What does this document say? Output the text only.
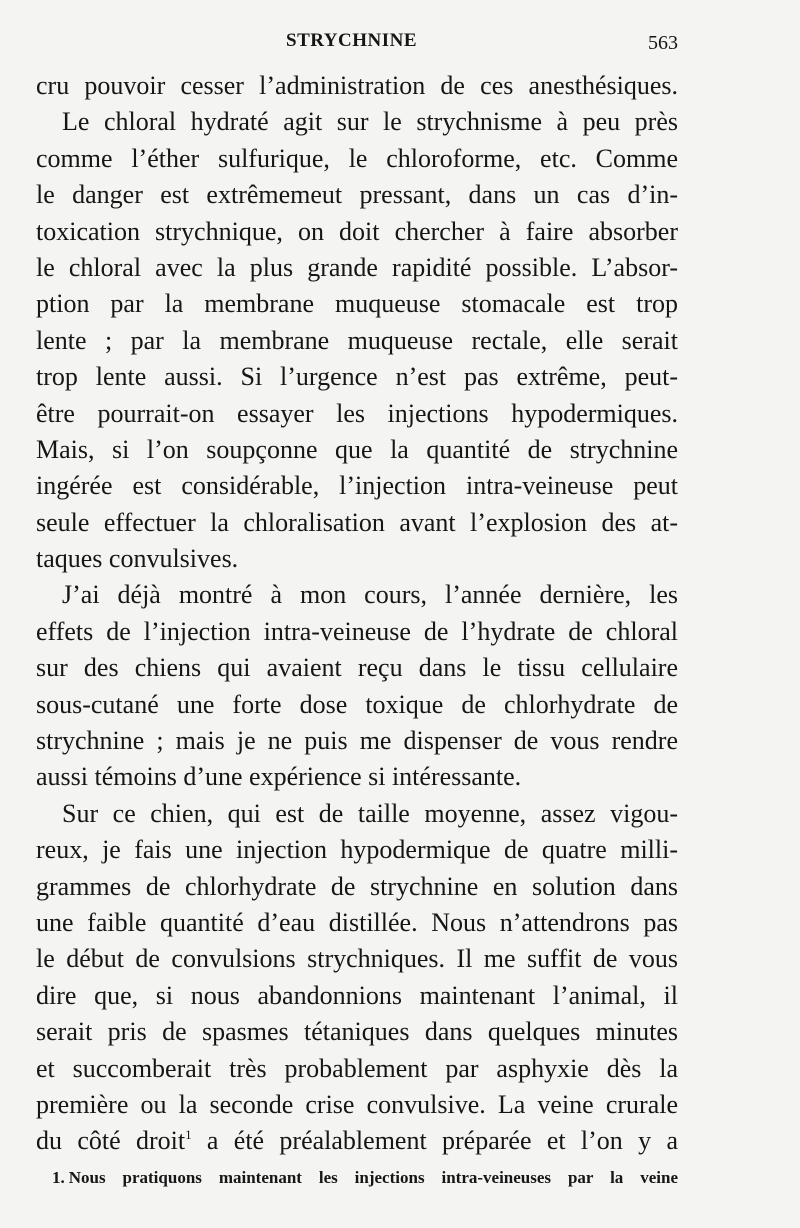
STRYCHNINE	563
cru pouvoir cesser l’administration de ces anesthésiques.
Le chloral hydraté agit sur le strychnisme à peu près
comme l’éther sulfurique, le chloroforme, etc. Comme
le danger est extrêmemeut pressant, dans un cas d’in-
toxication strychnique, on doit chercher à faire absorber
le chloral avec la plus grande rapidité possible. L’absor-
ption par la membrane muqueuse stomacale est trop
lente ; par la membrane muqueuse rectale, elle serait
trop lente aussi. Si l’urgence n’est pas extrême, peut-
être pourrait-on essayer les injections hypodermiques.
Mais, si l’on soupçonne que la quantité de strychnine
ingérée est considérable, l’injection intra-veineuse peut
seule effectuer la chloralisation avant l’explosion des at-
taques convulsives.
J’ai déjà montré à mon cours, l’année dernière, les
effets de l’injection intra-veineuse de l’hydrate de chloral
sur des chiens qui avaient reçu dans le tissu cellulaire
sous-cutané une forte dose toxique de chlorhydrate de
strychnine ; mais je ne puis me dispenser de vous rendre
aussi témoins d’une expérience si intéressante.
Sur ce chien, qui est de taille moyenne, assez vigou-
reux, je fais une injection hypodermique de quatre milli-
grammes de chlorhydrate de strychnine en solution dans
une faible quantité d’eau distillée. Nous n’attendrons pas
le début de convulsions strychniques. Il me suffit de vous
dire que, si nous abandonnions maintenant l’animal, il
serait pris de spasmes tétaniques dans quelques minutes
et succomberait très probablement par asphyxie dès la
première ou la seconde crise convulsive. La veine crurale
du côté droit$^1$ a été préalablement préparée et l’on y a
1. Nous pratiquons maintenant les injections intra-veineuses par la veine
